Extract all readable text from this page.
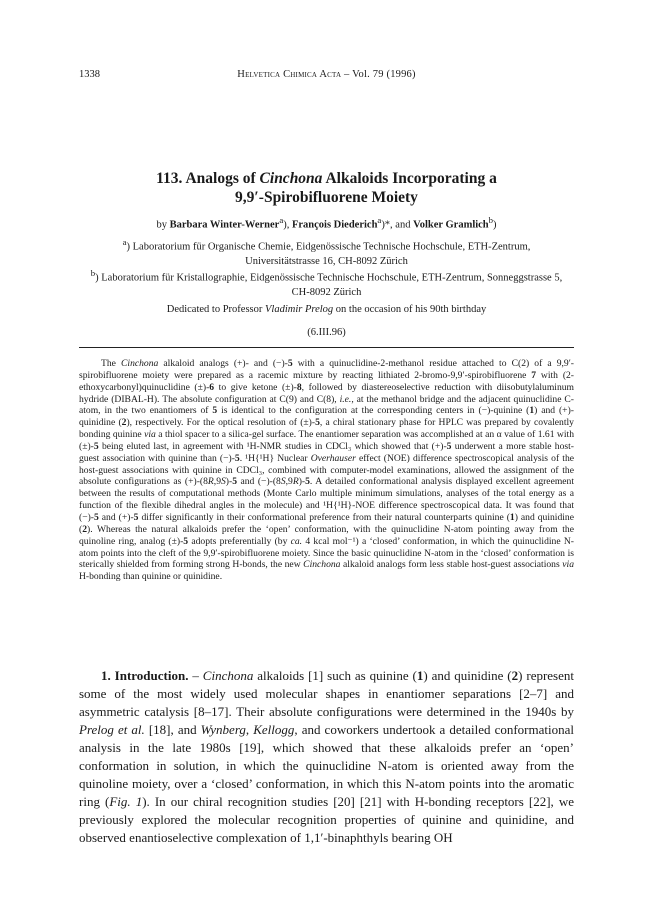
1338	Helvetica Chimica Acta – Vol. 79 (1996)
113. Analogs of Cinchona Alkaloids Incorporating a
9,9′-Spirobifluorene Moiety
by Barbara Winter-Werner$^a$), François Diederich$^a$)*, and Volker Gramlich$^b$)
$^a$) Laboratorium für Organische Chemie, Eidgenössische Technische Hochschule, ETH-Zentrum,
Universitätstrasse 16, CH-8092 Zürich
$^b$) Laboratorium für Kristallographie, Eidgenössische Technische Hochschule, ETH-Zentrum, Sonneggstrasse 5,
CH-8092 Zürich
Dedicated to Professor Vladimir Prelog on the occasion of his 90th birthday
(6.III.96)

The Cinchona alkaloid analogs (+)- and (−)-5 with a quinuclidine-2-methanol residue attached to C(2) of a 9,9′-spirobifluorene moiety were prepared as a racemic mixture by reacting lithiated 2-bromo-9,9′-spirobifluorene 7 with (2-ethoxycarbonyl)quinuclidine (±)-6 to give ketone (±)-8, followed by diastereoselective reduction with diisobutylaluminum hydride (DIBAL-H). The absolute configuration at C(9) and C(8), i.e., at the methanol bridge and the adjacent quinuclidine C-atom, in the two enantiomers of 5 is identical to the configuration at the corresponding centers in (−)-quinine (1) and (+)-quinidine (2), respectively. For the optical resolution of (±)-5, a chiral stationary phase for HPLC was prepared by covalently bonding quinine via a thiol spacer to a silica-gel surface. The enantiomer separation was accomplished at an α value of 1.61 with (±)-5 being eluted last, in agreement with ¹H-NMR studies in CDCl₃ which showed that (+)-5 underwent a more stable host-guest association with quinine than (−)-5. ¹H{¹H} Nuclear Overhauser effect (NOE) difference spectroscopical analysis of the host-guest associations with quinine in CDCl₃, combined with computer-model examinations, allowed the assignment of the absolute configurations as (+)-(8R,9S)-5 and (−)-(8S,9R)-5. A detailed conformational analysis displayed excellent agreement between the results of computational methods (Monte Carlo multiple minimum simulations, analyses of the total energy as a function of the flexible dihedral angles in the molecule) and ¹H{¹H}-NOE difference spectroscopical data. It was found that (−)-5 and (+)-5 differ significantly in their conformational preference from their natural counterparts quinine (1) and quinidine (2). Whereas the natural alkaloids prefer the ‘open’ conformation, with the quinuclidine N-atom pointing away from the quinoline ring, analog (±)-5 adopts preferentially (by ca. 4 kcal mol⁻¹) a ‘closed’ conformation, in which the quinuclidine N-atom points into the cleft of the 9,9′-spirobifluorene moiety. Since the basic quinuclidine N-atom in the ‘closed’ conformation is sterically shielded from forming strong H-bonds, the new Cinchona alkaloid analogs form less stable host-guest associations via H-bonding than quinine or quinidine.

1. Introduction. – Cinchona alkaloids [1] such as quinine (1) and quinidine (2) represent some of the most widely used molecular shapes in enantiomer separations [2–7] and asymmetric catalysis [8–17]. Their absolute configurations were determined in the 1940s by Prelog et al. [18], and Wynberg, Kellogg, and coworkers undertook a detailed conformational analysis in the late 1980s [19], which showed that these alkaloids prefer an ‘open’ conformation in solution, in which the quinuclidine N-atom is oriented away from the quinoline moiety, over a ‘closed’ conformation, in which this N-atom points into the aromatic ring (Fig. 1). In our chiral recognition studies [20] [21] with H-bonding receptors [22], we previously explored the molecular recognition properties of quinine and quinidine, and observed enantioselective complexation of 1,1′-binaphthyls bearing OH
